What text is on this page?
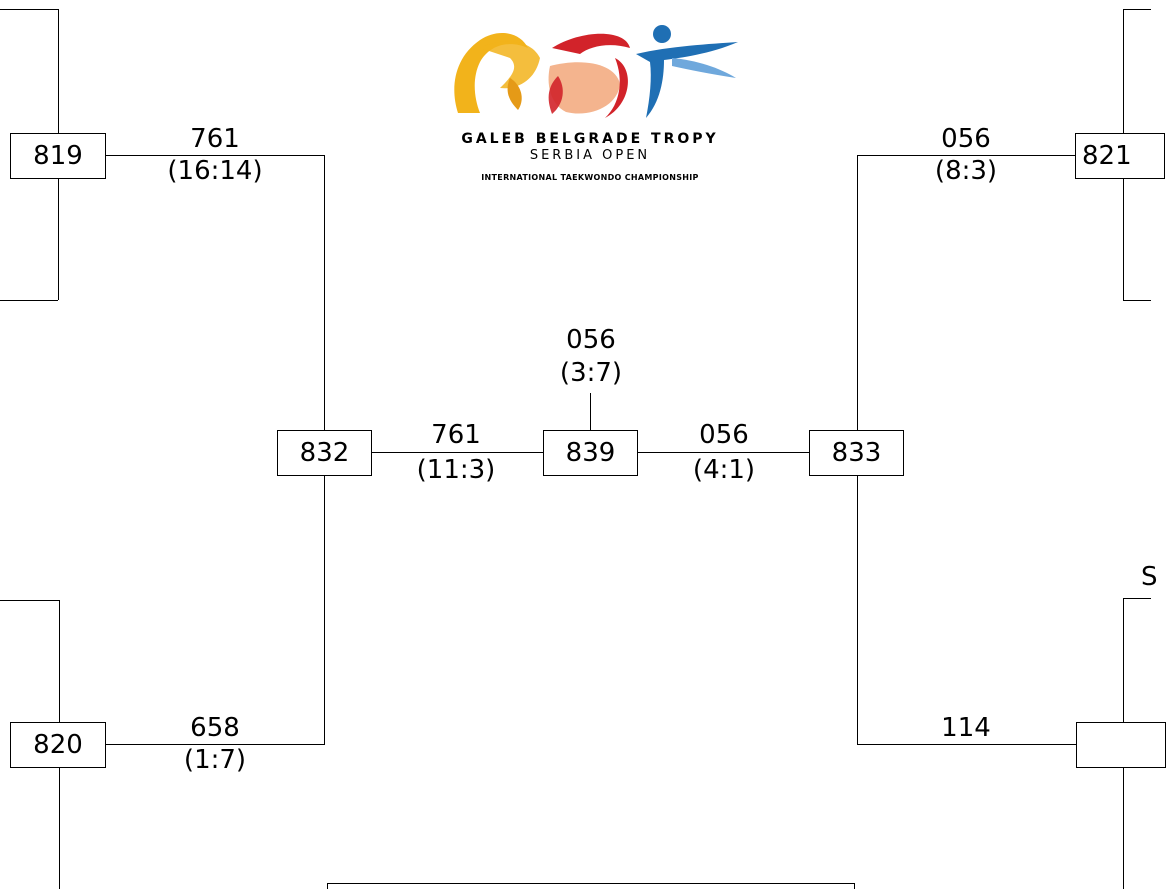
GALEB BELGRADE TROPY
SERBIA OPEN
INTERNATIONAL TAEKWONDO CHAMPIONSHIP
819
820
832	839	833
821
761
(16:14)
658
(1:7)
761
(11:3)
056
(4:1)
056
(3:7)
056
(8:3)
114
S
